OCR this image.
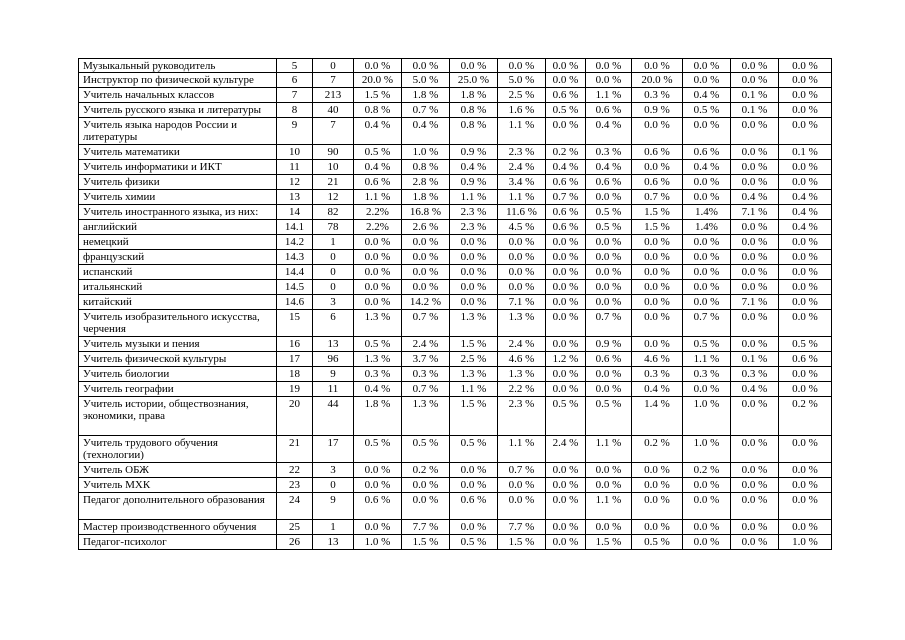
Музыкальный руководитель	5	0	0.0 %	0.0 %	0.0 %	0.0 %	0.0 %	0.0 %	0.0 %	0.0 %	0.0 %	0.0 %
Инструктор по физической культуре	6	7	20.0 %	5.0 %	25.0 %	5.0 %	0.0 %	0.0 %	20.0 %	0.0 %	0.0 %	0.0 %
Учитель начальных классов	7	213	1.5 %	1.8 %	1.8 %	2.5 %	0.6 %	1.1 %	0.3 %	0.4 %	0.1 %	0.0 %
Учитель русского языка и литературы	8	40	0.8 %	0.7 %	0.8 %	1.6 %	0.5 %	0.6 %	0.9 %	0.5 %	0.1 %	0.0 %
Учитель языка народов России и литературы	9	7	0.4 %	0.4 %	0.8 %	1.1 %	0.0 %	0.4 %	0.0 %	0.0 %	0.0 %	0.0 %
Учитель математики	10	90	0.5 %	1.0 %	0.9 %	2.3 %	0.2 %	0.3 %	0.6 %	0.6 %	0.0 %	0.1 %
Учитель информатики и ИКТ	11	10	0.4 %	0.8 %	0.4 %	2.4 %	0.4 %	0.4 %	0.0 %	0.4 %	0.0 %	0.0 %
Учитель физики	12	21	0.6 %	2.8 %	0.9 %	3.4 %	0.6 %	0.6 %	0.6 %	0.0 %	0.0 %	0.0 %
Учитель химии	13	12	1.1 %	1.8 %	1.1 %	1.1 %	0.7 %	0.0 %	0.7 %	0.0 %	0.4 %	0.4 %
Учитель иностранного языка, из них:	14	82	2.2%	16.8 %	2.3 %	11.6 %	0.6 %	0.5 %	1.5 %	1.4%	7.1 %	0.4 %
английский	14.1	78	2.2%	2.6 %	2.3 %	4.5 %	0.6 %	0.5 %	1.5 %	1.4%	0.0 %	0.4 %
немецкий	14.2	1	0.0 %	0.0 %	0.0 %	0.0 %	0.0 %	0.0 %	0.0 %	0.0 %	0.0 %	0.0 %
французский	14.3	0	0.0 %	0.0 %	0.0 %	0.0 %	0.0 %	0.0 %	0.0 %	0.0 %	0.0 %	0.0 %
испанский	14.4	0	0.0 %	0.0 %	0.0 %	0.0 %	0.0 %	0.0 %	0.0 %	0.0 %	0.0 %	0.0 %
итальянский	14.5	0	0.0 %	0.0 %	0.0 %	0.0 %	0.0 %	0.0 %	0.0 %	0.0 %	0.0 %	0.0 %
китайский	14.6	3	0.0 %	14.2 %	0.0 %	7.1 %	0.0 %	0.0 %	0.0 %	0.0 %	7.1 %	0.0 %
Учитель изобразительного искусства, черчения	15	6	1.3 %	0.7 %	1.3 %	1.3 %	0.0 %	0.7 %	0.0 %	0.7 %	0.0 %	0.0 %
Учитель музыки и пения	16	13	0.5 %	2.4 %	1.5 %	2.4 %	0.0 %	0.9 %	0.0 %	0.5 %	0.0 %	0.5 %
Учитель физической культуры	17	96	1.3 %	3.7 %	2.5 %	4.6 %	1.2 %	0.6 %	4.6 %	1.1 %	0.1 %	0.6 %
Учитель биологии	18	9	0.3 %	0.3 %	1.3 %	1.3 %	0.0 %	0.0 %	0.3 %	0.3 %	0.3 %	0.0 %
Учитель географии	19	11	0.4 %	0.7 %	1.1 %	2.2 %	0.0 %	0.0 %	0.4 %	0.0 %	0.4 %	0.0 %
Учитель истории, обществознания, экономики, права	20	44	1.8 %	1.3 %	1.5 %	2.3 %	0.5 %	0.5 %	1.4 %	1.0 %	0.0 %	0.2 %
Учитель трудового обучения (технологии)	21	17	0.5 %	0.5 %	0.5 %	1.1 %	2.4 %	1.1 %	0.2 %	1.0 %	0.0 %	0.0 %
Учитель ОБЖ	22	3	0.0 %	0.2 %	0.0 %	0.7 %	0.0 %	0.0 %	0.0 %	0.2 %	0.0 %	0.0 %
Учитель МХК	23	0	0.0 %	0.0 %	0.0 %	0.0 %	0.0 %	0.0 %	0.0 %	0.0 %	0.0 %	0.0 %
Педагог дополнительного образования	24	9	0.6 %	0.0 %	0.6 %	0.0 %	0.0 %	1.1 %	0.0 %	0.0 %	0.0 %	0.0 %
Мастер производственного обучения	25	1	0.0 %	7.7 %	0.0 %	7.7 %	0.0 %	0.0 %	0.0 %	0.0 %	0.0 %	0.0 %
Педагог-психолог	26	13	1.0 %	1.5 %	0.5 %	1.5 %	0.0 %	1.5 %	0.5 %	0.0 %	0.0 %	1.0 %
